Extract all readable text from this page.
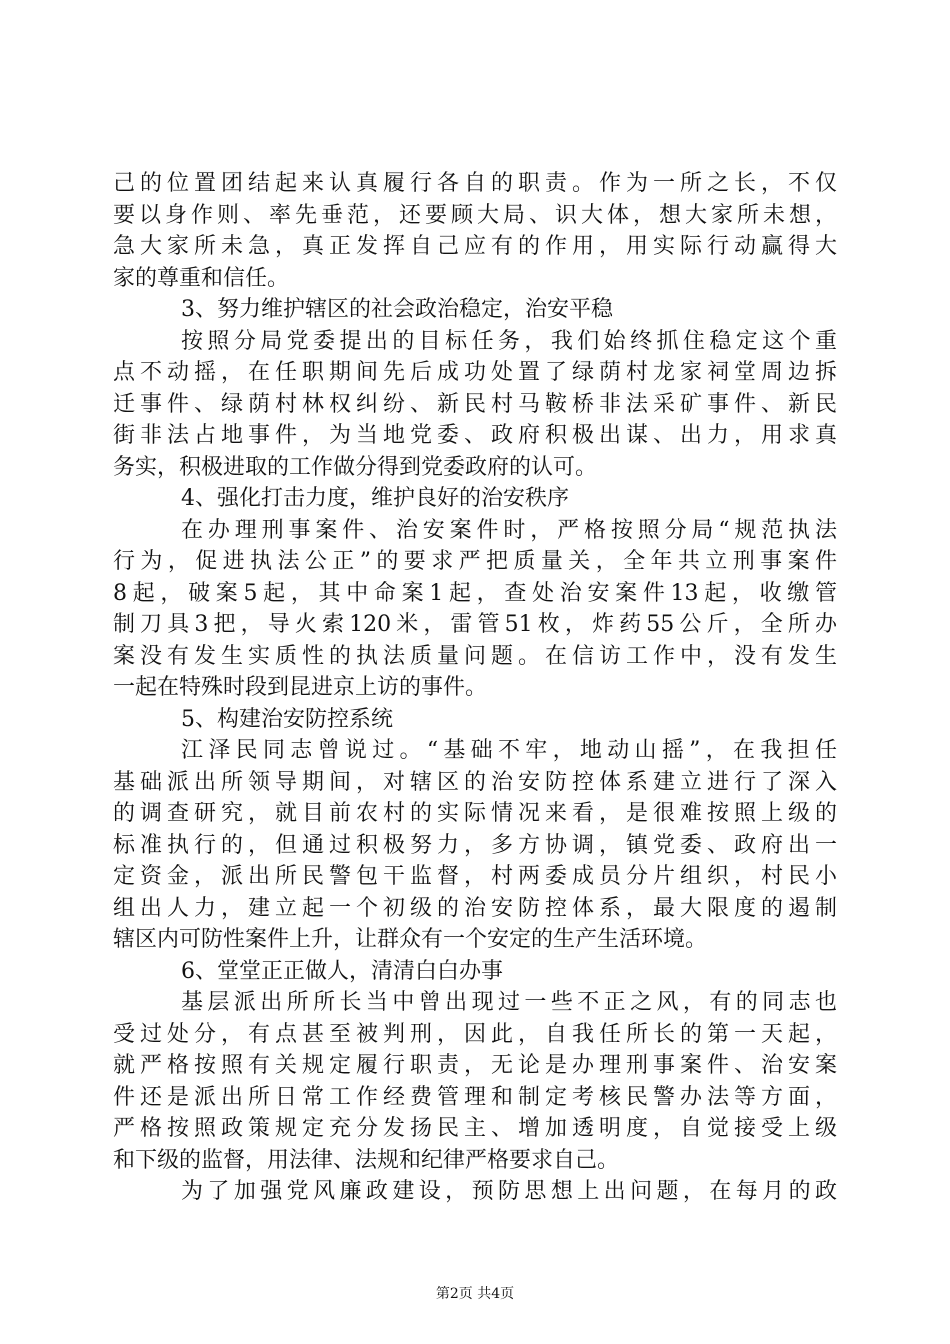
己的位置团结起来认真履行各自的职责。作为一所之长，不仅
要以身作则、率先垂范，还要顾大局、识大体，想大家所未想，
急大家所未急，真正发挥自己应有的作用，用实际行动赢得大
家的尊重和信任。
3、努力维护辖区的社会政治稳定，治安平稳
按照分局党委提出的目标任务，我们始终抓住稳定这个重
点不动摇，在任职期间先后成功处置了绿荫村龙家祠堂周边拆
迁事件、绿荫村林权纠纷、新民村马鞍桥非法采矿事件、新民
街非法占地事件，为当地党委、政府积极出谋、出力，用求真
务实，积极进取的工作做分得到党委政府的认可。
4、强化打击力度，维护良好的治安秩序
在办理刑事案件、治安案件时，严格按照分局“规范执法
行为，促进执法公正”的要求严把质量关，全年共立刑事案件
8起，破案5起，其中命案1起，查处治安案件13起，收缴管
制刀具3把，导火索120米，雷管51枚，炸药55公斤，全所办
案没有发生实质性的执法质量问题。在信访工作中，没有发生
一起在特殊时段到昆进京上访的事件。
5、构建治安防控系统
江泽民同志曾说过。“基础不牢，地动山摇”，在我担任
基础派出所领导期间，对辖区的治安防控体系建立进行了深入
的调查研究，就目前农村的实际情况来看，是很难按照上级的
标准执行的，但通过积极努力，多方协调，镇党委、政府出一
定资金，派出所民警包干监督，村两委成员分片组织，村民小
组出人力，建立起一个初级的治安防控体系，最大限度的遏制
辖区内可防性案件上升，让群众有一个安定的生产生活环境。
6、堂堂正正做人，清清白白办事
基层派出所所长当中曾出现过一些不正之风，有的同志也
受过处分，有点甚至被判刑，因此，自我任所长的第一天起，
就严格按照有关规定履行职责，无论是办理刑事案件、治安案
件还是派出所日常工作经费管理和制定考核民警办法等方面，
严格按照政策规定充分发扬民主、增加透明度，自觉接受上级
和下级的监督，用法律、法规和纪律严格要求自己。
为了加强党风廉政建设，预防思想上出问题，在每月的政
第2页 共4页
